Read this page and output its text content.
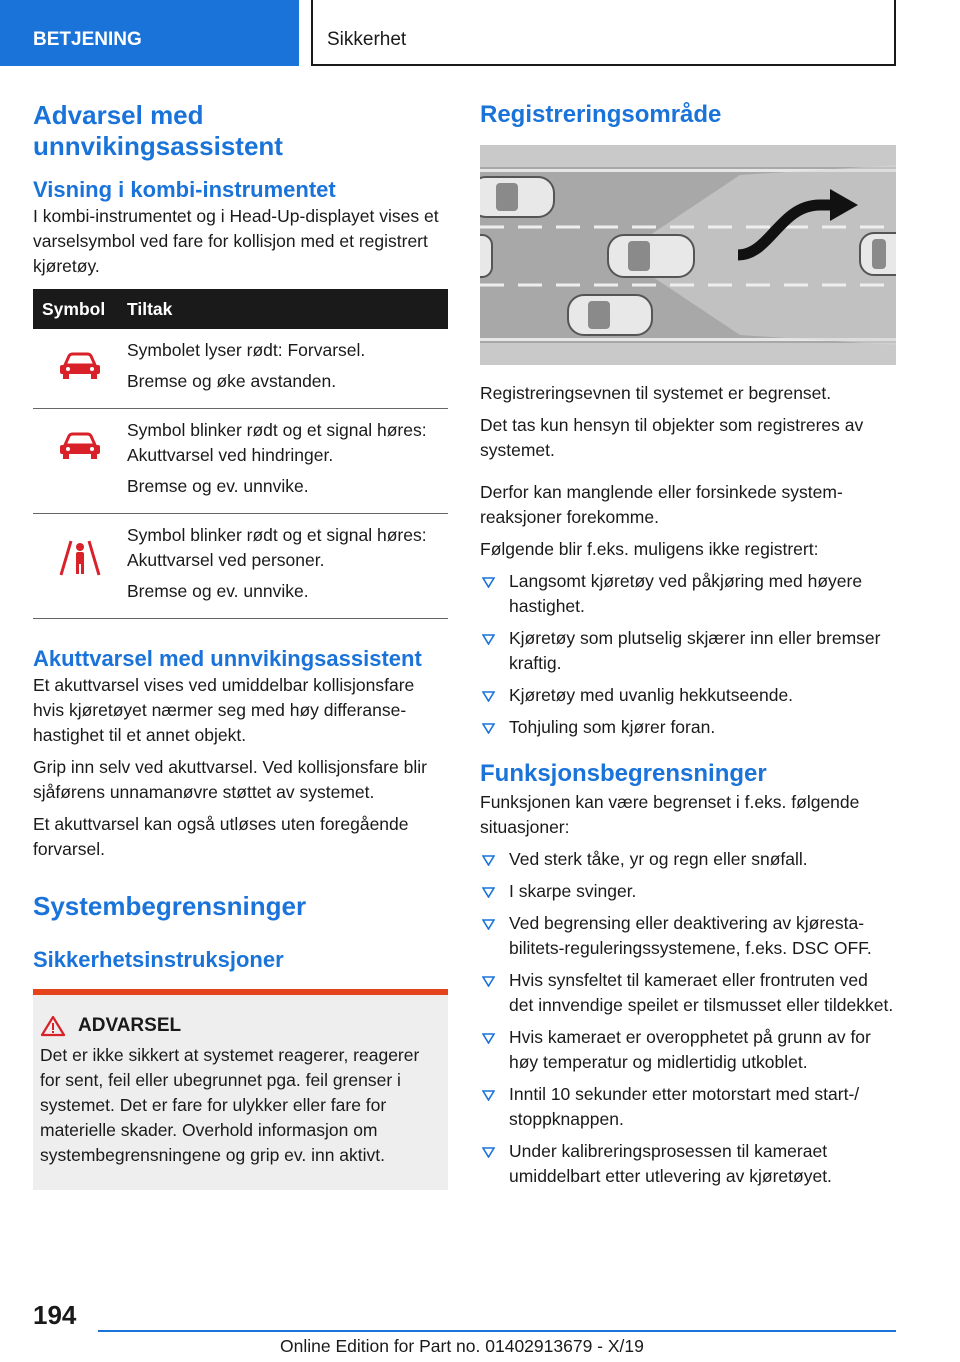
BETJENING	Sikkerhet
Advarsel med unnvikingsassistent
Visning i kombi-instrumentet

I kombi-instrumentet og i Head-Up-displayet vises et varselsymbol ved fare for kollisjon med et registrert kjøretøy.

Symbol	Tiltak

Symbolet lyser rødt: Forvarsel.

Bremse og øke avstanden.

Symbol blinker rødt og et signal høres: Akuttvarsel ved hindringer.

Bremse og ev. unnvike.

Symbol blinker rødt og et signal høres: Akuttvarsel ved personer.

Bremse og ev. unnvike.

Akuttvarsel med unnvikingsassistent

Et akuttvarsel vises ved umiddelbar kollisjonsfare hvis kjøretøyet nærmer seg med høy differansehastighet til et annet objekt.

Grip inn selv ved akuttvarsel. Ved kollisjonsfare blir sjåførens unnamanøvre støttet av systemet.

Et akuttvarsel kan også utløses uten foregående forvarsel.

Systembegrensninger
Sikkerhetsinstruksjoner
ADVARSEL

Det er ikke sikkert at systemet reagerer, reagerer for sent, feil eller ubegrunnet pga. feil grenser i systemet. Det er fare for ulykker eller fare for materielle skader. Overhold informasjon om systembegrensningene og grip ev. inn aktivt.

Registreringsområde

Registreringsevnen til systemet er begrenset.

Det tas kun hensyn til objekter som registreres av systemet.

Derfor kan manglende eller forsinkede systemreaksjoner forekomme.

Følgende blir f.eks. muligens ikke registrert:

Langsomt kjøretøy ved påkjøring med høyere hastighet.
Kjøretøy som plutselig skjærer inn eller bremser kraftig.
Kjøretøy med uvanlig hekkutseende.
Tohjuling som kjører foran.
Funksjonsbegrensninger

Funksjonen kan være begrenset i f.eks. følgende situasjoner:

Ved sterk tåke, yr og regn eller snøfall.
I skarpe svinger.
Ved begrensing eller deaktivering av kjørestabilitets-reguleringssystemene, f.eks. DSC OFF.
Hvis synsfeltet til kameraet eller frontruten ved det innvendige speilet er tilsmusset eller tildekket.
Hvis kameraet er overopphetet på grunn av for høy temperatur og midlertidig utkoblet.
Inntil 10 sekunder etter motorstart med start-/ stoppknappen.
Under kalibreringsprosessen til kameraet umiddelbart etter utlevering av kjøretøyet.
194
Online Edition for Part no. 01402913679 - X/19
